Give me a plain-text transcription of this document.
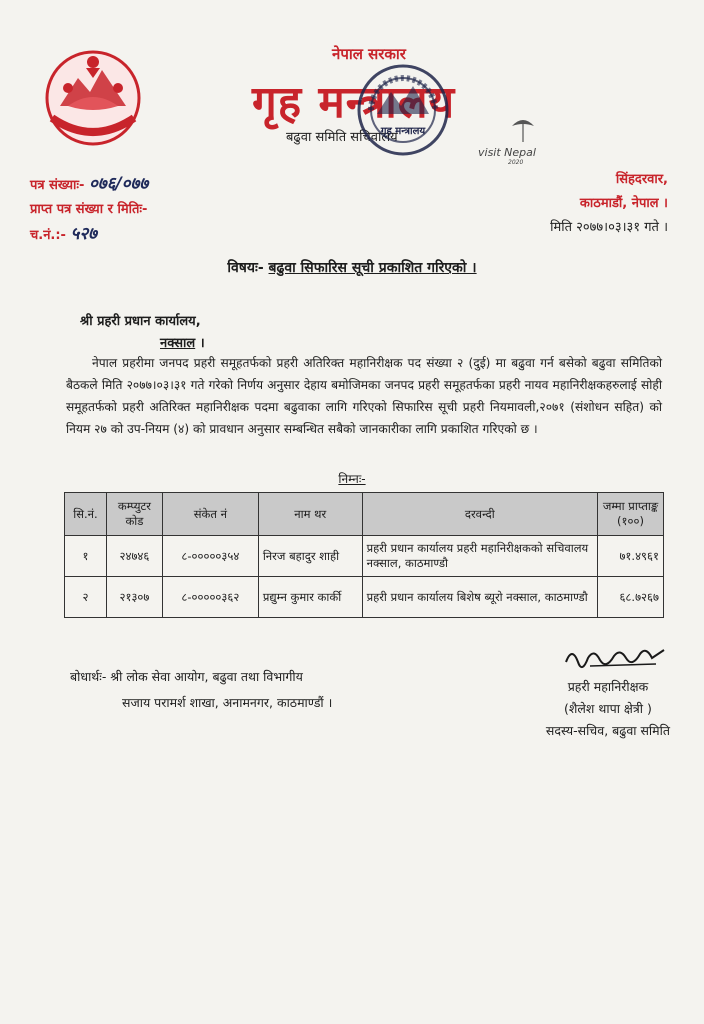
नेपाल सरकार
गृह मन्त्रालय
बढुवा समिति सचिवालय
गृह मन्त्रालय
visit Nepal
2020
पत्र संख्याः- ०७६/०७७
प्राप्त पत्र संख्या र मितिः-
च.नं.:- ५२७
सिंहदरवार,
काठमाडौं, नेपाल ।
मिति २०७७।०३।३१ गते ।
विषयः- बढुवा सिफारिस सूची प्रकाशित गरिएको ।
श्री प्रहरी प्रधान कार्यालय,
नक्साल ।
नेपाल प्रहरीमा जनपद प्रहरी समूहतर्फको प्रहरी अतिरिक्त महानिरीक्षक पद संख्या २ (दुई) मा बढुवा गर्न बसेको बढुवा समितिको बैठकले मिति २०७७।०३।३१ गते गरेको निर्णय अनुसार देहाय बमोजिमका जनपद प्रहरी समूहतर्फका प्रहरी नायव महानिरीक्षकहरुलाई सोही समूहतर्फको प्रहरी अतिरिक्त महानिरीक्षक पदमा बढुवाका लागि गरिएको सिफारिस सूची प्रहरी नियमावली,२०७१ (संशोधन सहित) को नियम २७ को उप-नियम (४) को प्रावधान अनुसार सम्बन्धित सबैको जानकारीका लागि प्रकाशित गरिएको छ ।
निम्नः-
सि.नं.	कम्प्युटर कोड	संकेत नं	नाम थर	दरवन्दी	जम्मा प्राप्ताङ्क (१००)
१	२४७४६	८-०००००३५४	निरज बहादुर शाही	प्रहरी प्रधान कार्यालय प्रहरी महानिरीक्षकको सचिवालय नक्साल, काठमाण्डौ	७१.४९६१
२	२१३०७	८-०००००३६२	प्रद्युम्न कुमार कार्की	प्रहरी प्रधान कार्यालय बिशेष ब्यूरो नक्साल, काठमाण्डौ	६८.७२६७
बोधार्थः- श्री लोक सेवा आयोग, बढुवा तथा विभागीय
सजाय परामर्श शाखा, अनामनगर, काठमाण्डौं ।
प्रहरी महानिरीक्षक
(शैलेश थापा क्षेत्री )
सदस्य-सचिव, बढुवा समिति
